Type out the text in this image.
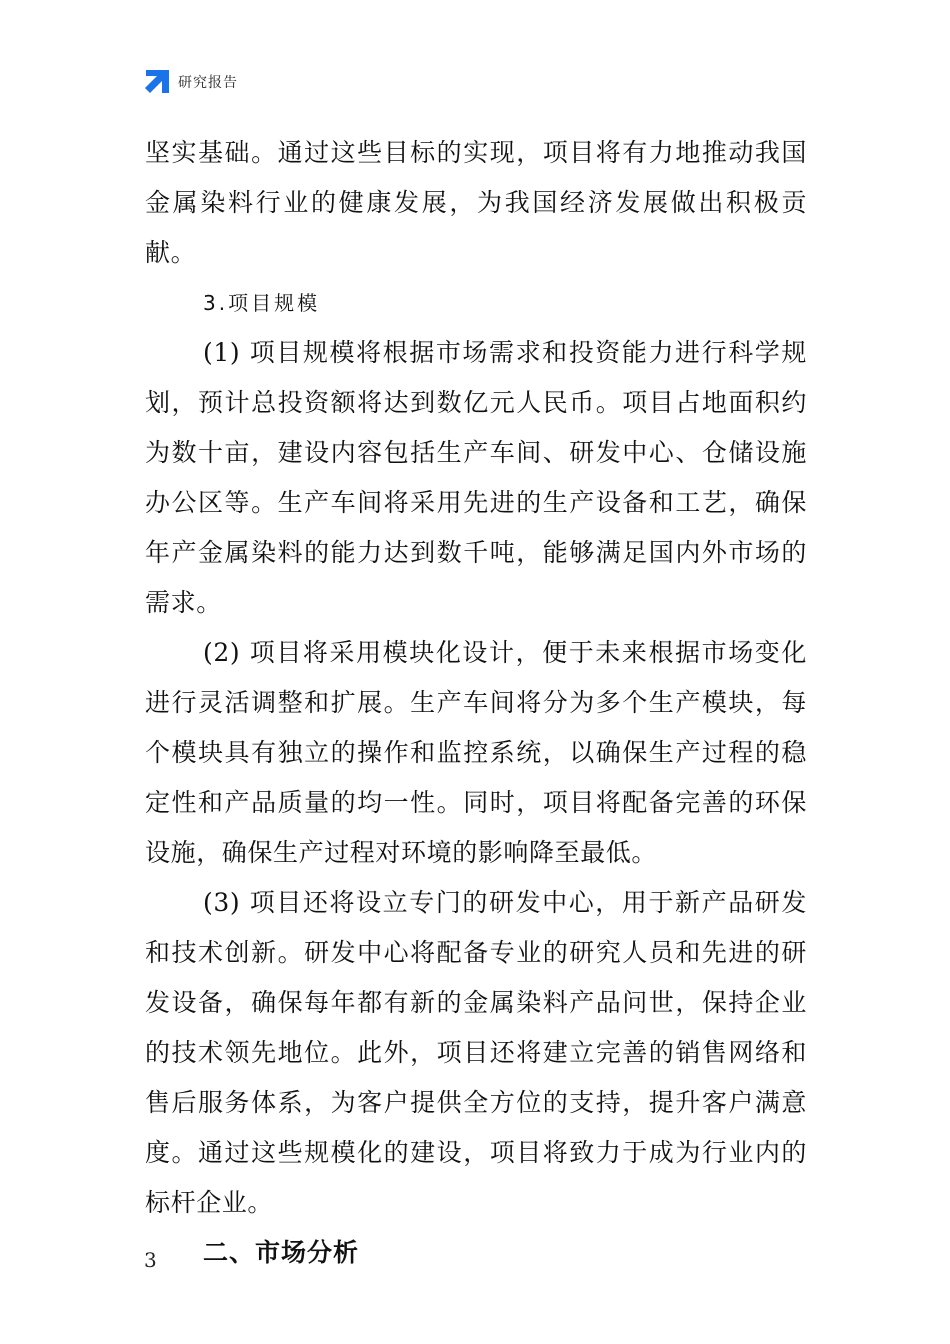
研究报告

坚实基础。通过这些目标的实现，项目将有力地推动我国金属染料行业的健康发展，为我国经济发展做出积极贡献。

3.项目规模

(1) 项目规模将根据市场需求和投资能力进行科学规划，预计总投资额将达到数亿元人民币。项目占地面积约为数十亩，建设内容包括生产车间、研发中心、仓储设施办公区等。生产车间将采用先进的生产设备和工艺，确保年产金属染料的能力达到数千吨，能够满足国内外市场的需求。

(2) 项目将采用模块化设计，便于未来根据市场变化进行灵活调整和扩展。生产车间将分为多个生产模块，每个模块具有独立的操作和监控系统，以确保生产过程的稳定性和产品质量的均一性。同时，项目将配备完善的环保设施，确保生产过程对环境的影响降至最低。

(3) 项目还将设立专门的研发中心，用于新产品研发和技术创新。研发中心将配备专业的研究人员和先进的研发设备，确保每年都有新的金属染料产品问世，保持企业的技术领先地位。此外，项目还将建立完善的销售网络和售后服务体系，为客户提供全方位的支持，提升客户满意度。通过这些规模化的建设，项目将致力于成为行业内的标杆企业。

二、市场分析

3
